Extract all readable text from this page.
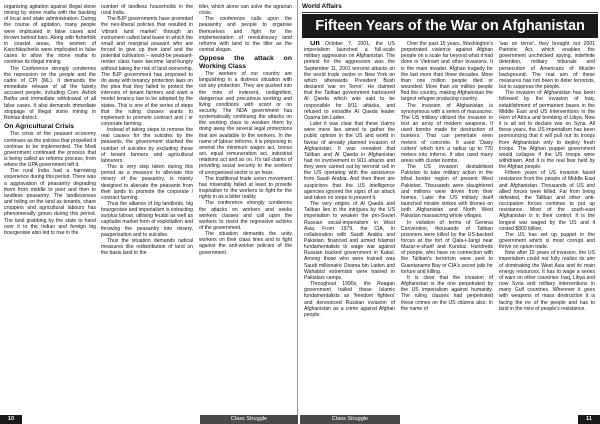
organizing agitation against illegal stone mining by stone mafia with the backing of local and state administration. During the course of agitation, many people were implicated in false cases and thrown behind bars. Along with fisherfolk in coastal areas, the women of Kanchikacherla were implicated in false cases to allow the stone mafia to continue its illegal mining.

The Conference strongly condemns the repression on the people and the cadre of CPI (ML). It demands the immediate release of all the falsely accused people, including Com. Ashok Bathu and immediate withdrawal of all false cases. It also demands immediate stoppage of illegal stone mining in Rohtas district.

On Agricultural Crisis

The crisis of the peasant economy continues as the policies that propelled it continue to be implemented. The Modi government continued the process that is being called as reforms process, from where the UPA government left it.

The rural India had a harrowing experience during this period. There was a aggravation of peasantry degrading them from middle to poor and then to landless peasantry. The landlessness and toiling on the land as tenants, share croppers and agricultural labours has phenomenally grown during this period. The land grabbing by the state to hand over it to the Indian and foreign big bourgeoisie also led to rise in the

number of landless households in the rural India.

The BJP governments have promoted the neo-liberal policies that resulted in 'vibrant land market' through an instrument called land lease in which the small and marginal peasant who are forced to give up their land and the potential cultivators – would-be peasant-rentier class have become land-hungry without taking the risk of land ownership. The BJP government has proposed to do away with tenancy protection laws on the plea that they failed to protect the interests of tenant farmers and want a model tenancy law to be adopted by the states. This is one of the series of steps that the ruling classes wants to implement to promote contract and / or corporate farming.

Instead of taking steps to remove the real causes for the suicides by the peasants, the government slashed the number of suicides by excluding those of tenant farmers and agricultural labourers.

This is very step taken during this period as a measure to alleviate this misery of the peasantry, is mainly designed to alienate the peasants from their lands to promote the corporate / contract farming.

Thus the alliance of big landlords, big bourgeoisie and imperialism is extracting surplus labour, utilising feudal as well as capitalist market form of exploitation and throwing the peasantry into misery, pauperisation and to suicides.

Thus the situation demands radical measures like redistribution of land on the basis land to the

tiller, which alone can solve the agrarian crisis.

The conference calls upon the peasantry and people to organise themselves and fight for the implementation of revolutionary land reforms with land to the tiller as the central slogan.

Oppose the attack on Working Class

The workers of our country are languishing in a distress situation with out any protection. They are pushed into the mire of indecent, undignified, dangerous and precarious working and living conditions with scant or no security. The NDA government has systematically continuing the attacks on the working class to weaken them by doing away the several legal protections that are available to the workers. In the name of labour reforms, it is proposing to amend the minimum wages act, bonus act, equal remuneration act, industrial relations act and so on. It's tall claims of providing social security to the workers of unorganised sector is an hoax.

The traditional trade union movement has miserably failed at least to provide inspiration to the workers to fight for the rights in as a bitter reality.

The conference strongly condemns the attacks on workers and seeks workers classes and call upon the workers to resist the regressive actions of the government.

The situation demands the unity workers on their class lines and to fight against the anti-worker policies of the government.

10	Class Struggle
World Affairs
Fifteen Years of the War on Afghanistan

On October 7, 2001, the US imperialism launched a full-scale military aggression on Afghanistan. The pretext for the aggression was the September 11, 2001 terrorist attacks on the world trade centre in New York on which afterwards President Bush declared 'war on Terror'. He claimed that the Taliban government harboured Al Qaeda which was said to be responsible for 9/11 attacks, and refused to extradite Al Qaeda leader Osama bin Laden.

Later it was clear that these claims were mere lies aimed to gather the public opinion in the US and world in favour of already planned invasion of Afghanistan. It was revealed that Taliban and Al Qaeda in Afghanistan had no involvement in 9/11 attacks and they were carried out by terrorist cell in the US operating with the assistance from Saudi Arabia. And then there are suspicions that the US intelligence agencies ignored the signs of an attack and taken no steps to prevent it.

The very origins of Al Qaeda and Taliban lies in the intrigues by the US imperialism to weaken the pro-Soviet Russian social-imperialism in West Asia. From 1979, the CIA, in collaboration with Saudi Arabia and Pakistan, financed and armed Islamist fundamentalists to wage war against Russian backed government in Kabul. Among those who were trained was Saudi millionaire Osama bin Laden and Wahabist extremists were trained in Pakistani camps.

Throughout 1990s, the Reagan government hailed these Islamic fundamentalists as 'freedom fighters' and denounced Russian invasion of Afghanistan as a crime against Afghan people.

Over the past 15 years, Washington's perpetrated violence against Afghan people on a scale far beyond what it had done in Vietnam and other invasions. It is the main invader. Afghan tragedy for the last more than three decades. More than one million people died or wounded. More than six million people fled the country, making Afghanistan the largest refugee producing country.

The invasion of Afghanistan is synonymous with a series of massacres. The US military utilized the invasion to test an array of modern weapons. It used bombs made for destruction of bunkers. That can penetrate even meters of concrete. It used 'Daisy cutters' which turn a radius up to 770 meters into inferno. It also used many areas with cluster bombs.

The US invasion destabilised Pakistan to take military action in the tribal border region of present West Pakistan. Thousands were slaughtered and millions were driven from their homes. Later the US military itself launched missile strikes with drones on both Afghanistan and North West Pakistan massacring whole villages.

In violation of terms of Geneva Convention, thousands of Taliban prisoners were killed by the US-backed forces at the fort of Qala-i-Jangi near Mazar-e-sharif and Kunduz. Hundreds of people, who have no connection with the Taliban's terrorism were sent to Guantanamo Bay or CIA's secret jails for torture and killing.

It is clear that the invasion of Afghanistan is the one perpetrated by the US imperialism against humanity. The ruling classes had perpetrated these crimes on the US citizens also. In the name of

'war on terror', they brought out 2001 Patriotic Act, which enables the government unchecked spying, indefinite detention, military tribunals and persecution of Americans of Muslim background. The real aim of these measures has not been to deter terrorists, but to suppress the people.

The invasion of Afghanistan has been followed by the invasion of Iraq, establishment of permanent bases in the Middle East and US interventions in the Horn of Africa and bombing of Libya. Now it is all set to declare war on Syria. All these years, the US imperialism has been pronouncing that it will pull out its troops from Afghanistan only to deploy fresh troops. The Afghan puppet government would collapse if the US troops were withdrawn. And it is the real fear held by the Afghan people.

Fifteen years of US invasion faced resistance from the people of Middle East and Afghanistan. Thousands of US and allied forces were killed. Far from being defeated, the Taliban and other anti-occupation forces continue to put up resistance. Most of the south-east Afghanistan is in their control. It is the longest war waged by the US and it costed $800 billion.

The US has set up puppet in the government which is most corrupt and thrive on opium trade.

Now after 15 years of invasion, the US imperialism could not fully realize its aim of dominating the West Asia and its main energy resources. It has to wage a series of wars on other countries: Iraq, Libya and now Syria and military interventions in many Gulf countries. Wherever it goes with weapons of mass destruction it is facing the ire of the people and has to land in the mire of people's resistance.

Class Struggle	11
